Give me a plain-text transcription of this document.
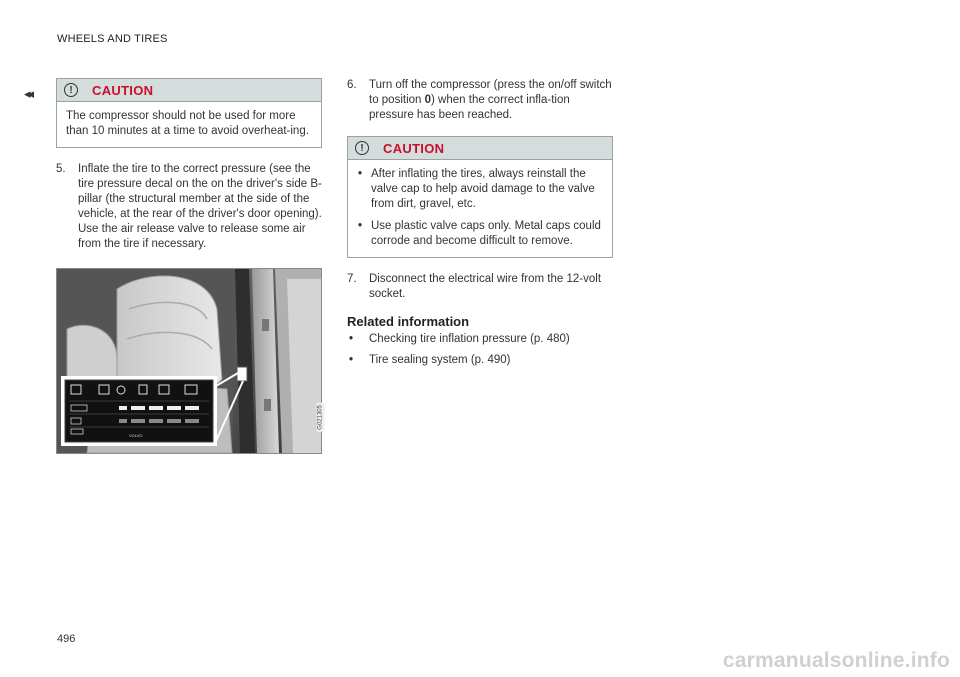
WHEELS AND TIRES
◂◂	!	CAUTION
The compressor should not be used for more than 10 minutes at a time to avoid overheat-ing.
5. Inflate the tire to the correct pressure (see the tire pressure decal on the on the driver's side B-pillar (the structural member at the side of the vehicle, at the rear of the driver's door opening). Use the air release valve to release some air from the tire if necessary.
VOLVO
G021305
6. Turn off the compressor (press the on/off switch to position 0) when the correct infla-tion pressure has been reached.
!	CAUTION
• After inflating the tires, always reinstall the valve cap to help avoid damage to the valve from dirt, gravel, etc.
• Use plastic valve caps only. Metal caps could corrode and become difficult to remove.
7. Disconnect the electrical wire from the 12-volt socket.
Related information
• Checking tire inflation pressure (p. 480)
• Tire sealing system (p. 490)
496
carmanualsonline.info
